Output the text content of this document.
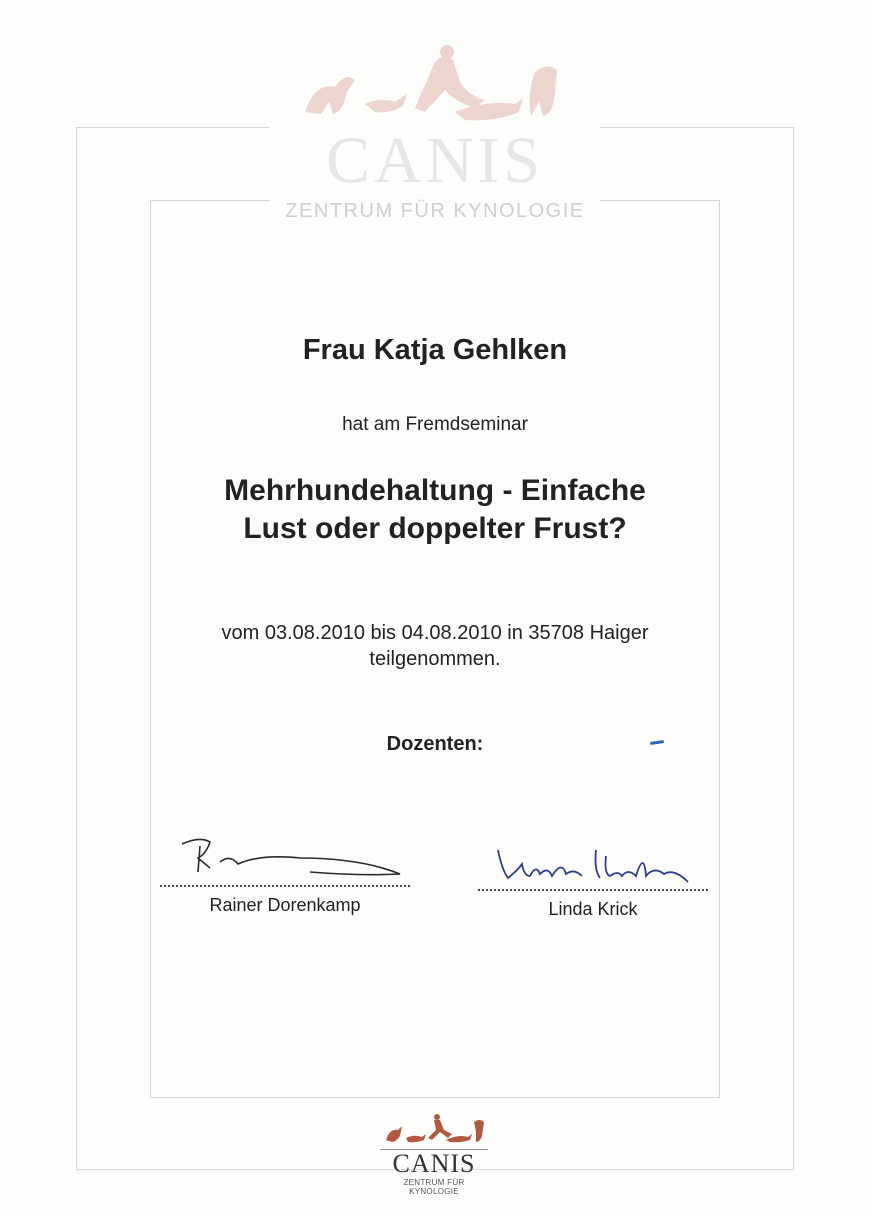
CANIS
ZENTRUM FÜR KYNOLOGIE
Frau Katja Gehlken
hat am Fremdseminar
Mehrhundehaltung - Einfache
Lust oder doppelter Frust?
vom 03.08.2010 bis 04.08.2010 in 35708 Haiger
teilgenommen.
Dozenten:
Rainer Dorenkamp	Linda Krick
CANIS
ZENTRUM FÜR KYNOLOGIE
